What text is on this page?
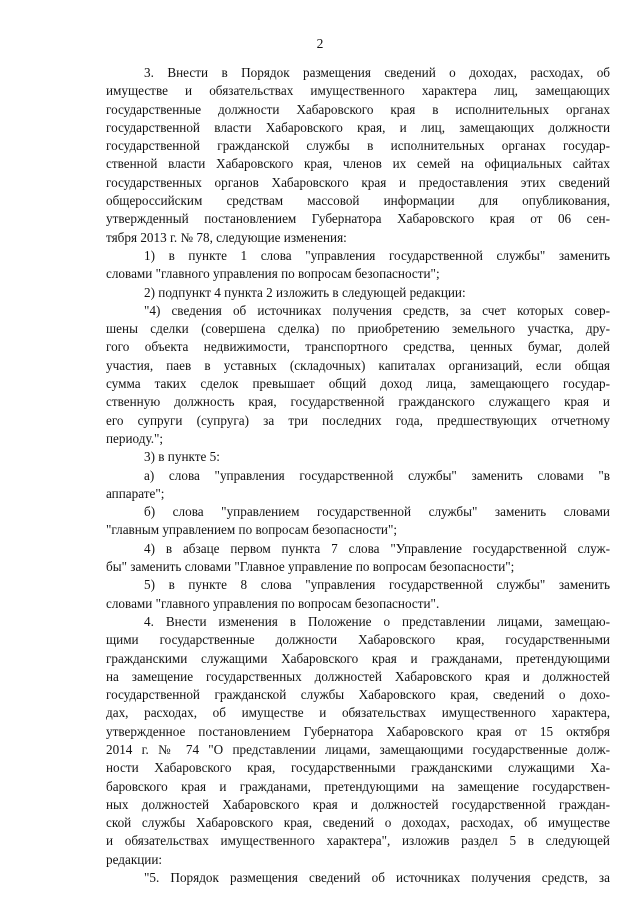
2
3. Внести в Порядок размещения сведений о доходах, расходах, об
имуществе и обязательствах имущественного характера лиц, замещающих
государственные должности Хабаровского края в исполнительных органах
государственной власти Хабаровского края, и лиц, замещающих должности
государственной гражданской службы в исполнительных органах государ-
ственной власти Хабаровского края, членов их семей на официальных сайтах
государственных органов Хабаровского края и предоставления этих сведений
общероссийским средствам массовой информации для опубликования,
утвержденный постановлением Губернатора Хабаровского края от 06 сен-
тября 2013 г. № 78, следующие изменения:
1) в пункте 1 слова "управления государственной службы" заменить
словами "главного управления по вопросам безопасности";
2) подпункт 4 пункта 2 изложить в следующей редакции:
"4) сведения об источниках получения средств, за счет которых совер-
шены сделки (совершена сделка) по приобретению земельного участка, дру-
гого объекта недвижимости, транспортного средства, ценных бумаг, долей
участия, паев в уставных (складочных) капиталах организаций, если общая
сумма таких сделок превышает общий доход лица, замещающего государ-
ственную должность края, государственной гражданского служащего края и
его супруги (супруга) за три последних года, предшествующих отчетному
периоду.";
3) в пункте 5:
а) слова "управления государственной службы" заменить словами "в
аппарате";
б) слова "управлением государственной службы" заменить словами
"главным управлением по вопросам безопасности";
4) в абзаце первом пункта 7 слова "Управление государственной служ-
бы" заменить словами "Главное управление по вопросам безопасности";
5) в пункте 8 слова "управления государственной службы" заменить
словами "главного управления по вопросам безопасности".
4. Внести изменения в Положение о представлении лицами, замещаю-
щими государственные должности Хабаровского края, государственными
гражданскими служащими Хабаровского края и гражданами, претендующими
на замещение государственных должностей Хабаровского края и должностей
государственной гражданской службы Хабаровского края, сведений о дохо-
дах, расходах, об имуществе и обязательствах имущественного характера,
утвержденное постановлением Губернатора Хабаровского края от 15 октября
2014 г. № 74 "О представлении лицами, замещающими государственные долж-
ности Хабаровского края, государственными гражданскими служащими Ха-
баровского края и гражданами, претендующими на замещение государствен-
ных должностей Хабаровского края и должностей государственной граждан-
ской службы Хабаровского края, сведений о доходах, расходах, об имуществе
и обязательствах имущественного характера", изложив раздел 5 в следующей
редакции:
"5. Порядок размещения сведений об источниках получения средств, за
